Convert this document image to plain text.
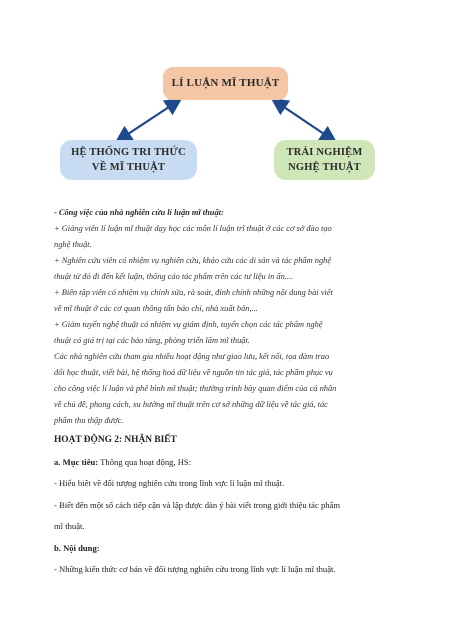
LÍ LUẬN MĨ THUẬT
HỆ THỐNG TRI THỨC
VỀ MĨ THUẬT
TRẢI NGHIỆM
NGHỆ THUẬT
- Công việc của nhà nghiên cứu lí luận mĩ thuật:
+ Giảng viên lí luận mĩ thuật dạy học các môn lí luận trĩ thuật ở các cơ sở đào tạo
nghệ thuật.
+ Nghiên cứu viên có nhiệm vụ nghiên cứu, khảo cứu các di sản và tác phẩm nghệ
thuật từ đó đi đến kết luận, thông cáo tác phẩm trên các tư liệu in ấn....
+ Biên tập viên có nhiệm vụ chỉnh sửa, rà soát, đính chính những nội dung bài viết
về mĩ thuật ở các cơ quan thông tấn báo chí, nhà xuất bản,...
+ Giám tuyển nghệ thuật có nhiệm vụ giám định, tuyển chọn các tác phẩm nghệ
thuật có giá trị tại các bảo tàng, phòng triển lãm mĩ thuật.
Các nhà nghiên cứu tham gia nhiều hoạt động như giao lưu, kết nối, tọa đàm trao
đổi học thuật, viết bài, hệ thống hoá dữ liệu về nguồn tin tác giả, tác phẩm phục vụ
cho công việc lí luận và phê bình mĩ thuật; thường trình bày quan điểm của cá nhân
về chủ đề, phong cách, xu hướng mĩ thuật trên cơ sở những dữ liệu về tác giả, tác
phẩm thu thập được.
HOẠT ĐỘNG 2: NHẬN BIẾT
a. Mục tiêu: Thông qua hoạt động, HS:
- Hiểu biết về đối tượng nghiên cứu trong lĩnh vực lí luận mĩ thuật.
- Biết đến một số cách tiếp cận và lập được dàn ý bài viết trong giới thiệu tác phẩm
mĩ thuật.
b. Nội dung:
- Những kiến thức cơ bản về đối tượng nghiên cứu trong lĩnh vực lí luận mĩ thuật.
